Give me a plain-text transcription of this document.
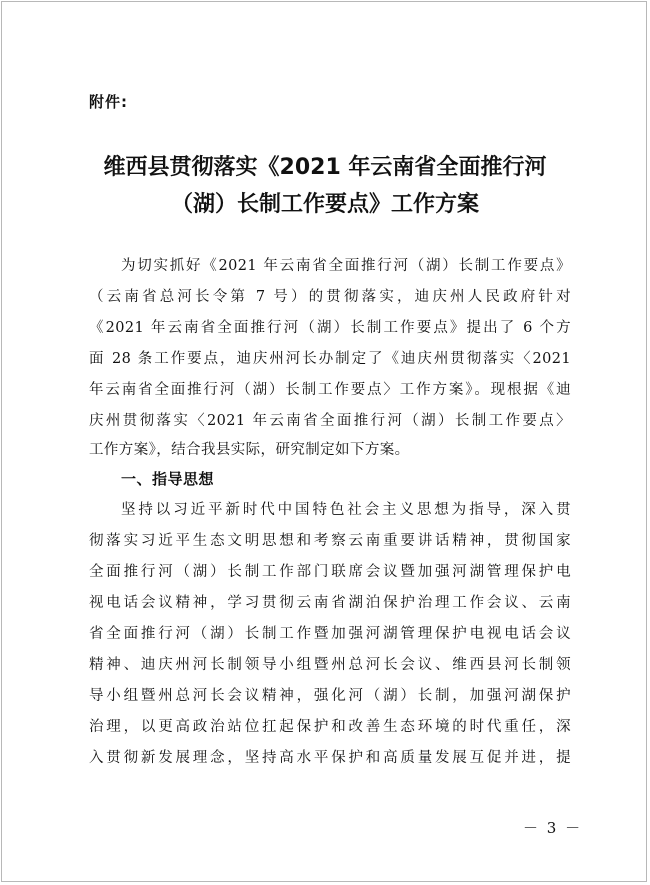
附件:
维西县贯彻落实《2021 年云南省全面推行河
（湖）长制工作要点》工作方案
为切实抓好《2021 年云南省全面推行河（湖）长制工作要点》
（云南省总河长令第 7 号）的贯彻落实，迪庆州人民政府针对
《2021 年云南省全面推行河（湖）长制工作要点》提出了 6 个方
面 28 条工作要点，迪庆州河长办制定了《迪庆州贯彻落实〈2021
年云南省全面推行河（湖）长制工作要点〉工作方案》。现根据《迪
庆州贯彻落实〈2021 年云南省全面推行河（湖）长制工作要点〉
工作方案》，结合我县实际，研究制定如下方案。
一、指导思想
坚持以习近平新时代中国特色社会主义思想为指导，深入贯
彻落实习近平生态文明思想和考察云南重要讲话精神，贯彻国家
全面推行河（湖）长制工作部门联席会议暨加强河湖管理保护电
视电话会议精神，学习贯彻云南省湖泊保护治理工作会议、云南
省全面推行河（湖）长制工作暨加强河湖管理保护电视电话会议
精神、迪庆州河长制领导小组暨州总河长会议、维西县河长制领
导小组暨州总河长会议精神，强化河（湖）长制，加强河湖保护
治理，以更高政治站位扛起保护和改善生态环境的时代重任，深
入贯彻新发展理念，坚持高水平保护和高质量发展互促并进，提
－ 3 －
